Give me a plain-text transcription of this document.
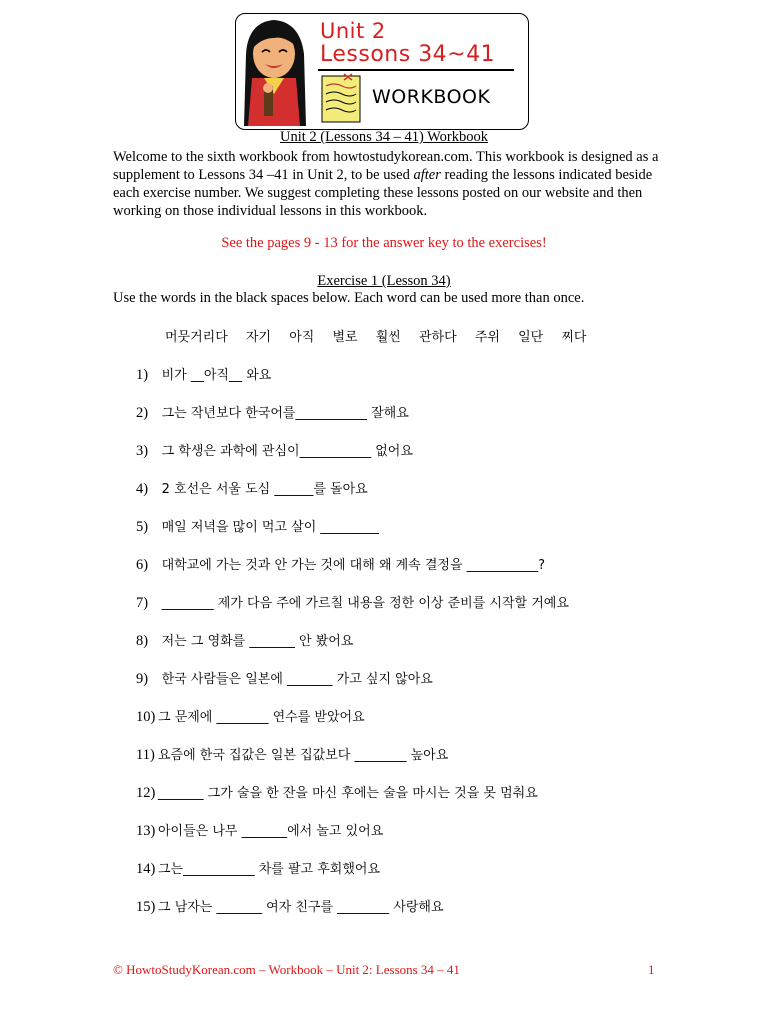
Unit 2
Lessons 34~41
WORKBOOK
Unit 2 (Lessons 34 – 41) Workbook

Welcome to the sixth workbook from howtostudykorean.com. This workbook is designed as a supplement to Lessons 34 –41 in Unit 2, to be used after reading the lessons indicated beside each exercise number. We suggest completing these lessons posted on our website and then working on those individual lessons in this workbook.

See the pages 9 - 13 for the answer key to the exercises!
Exercise 1 (Lesson 34)
Use the words in the black spaces below. Each word can be used more than once.
머뭇거리다 자기 아직 별로 훨씬 관하다 주위 일단 찌다
1) 비가 __아직__ 와요
2) 그는 작년보다 한국어를___________ 잘해요
3) 그 학생은 과학에 관심이___________ 없어요
4) 2 호선은 서울 도심 ______를 돌아요
5) 매일 저녁을 많이 먹고 살이 _________
6) 대학교에 가는 것과 안 가는 것에 대해 왜 계속 결정을 ___________?
7) ________ 제가 다음 주에 가르칠 내용을 정한 이상 준비를 시작할 거예요
8) 저는 그 영화를 _______ 안 봤어요
9) 한국 사람들은 일본에 _______ 가고 싶지 않아요
10) 그 문제에 ________ 연수를 받았어요
11) 요즘에 한국 집값은 일본 집값보다 ________ 높아요
12) _______ 그가 술을 한 잔을 마신 후에는 술을 마시는 것을 못 멈춰요
13) 아이들은 나무 _______에서 놀고 있어요
14) 그는___________ 차를 팔고 후회했어요
15) 그 남자는 _______ 여자 친구를 ________ 사랑해요
© HowtoStudyKorean.com – Workbook – Unit 2: Lessons 34 – 41	1
